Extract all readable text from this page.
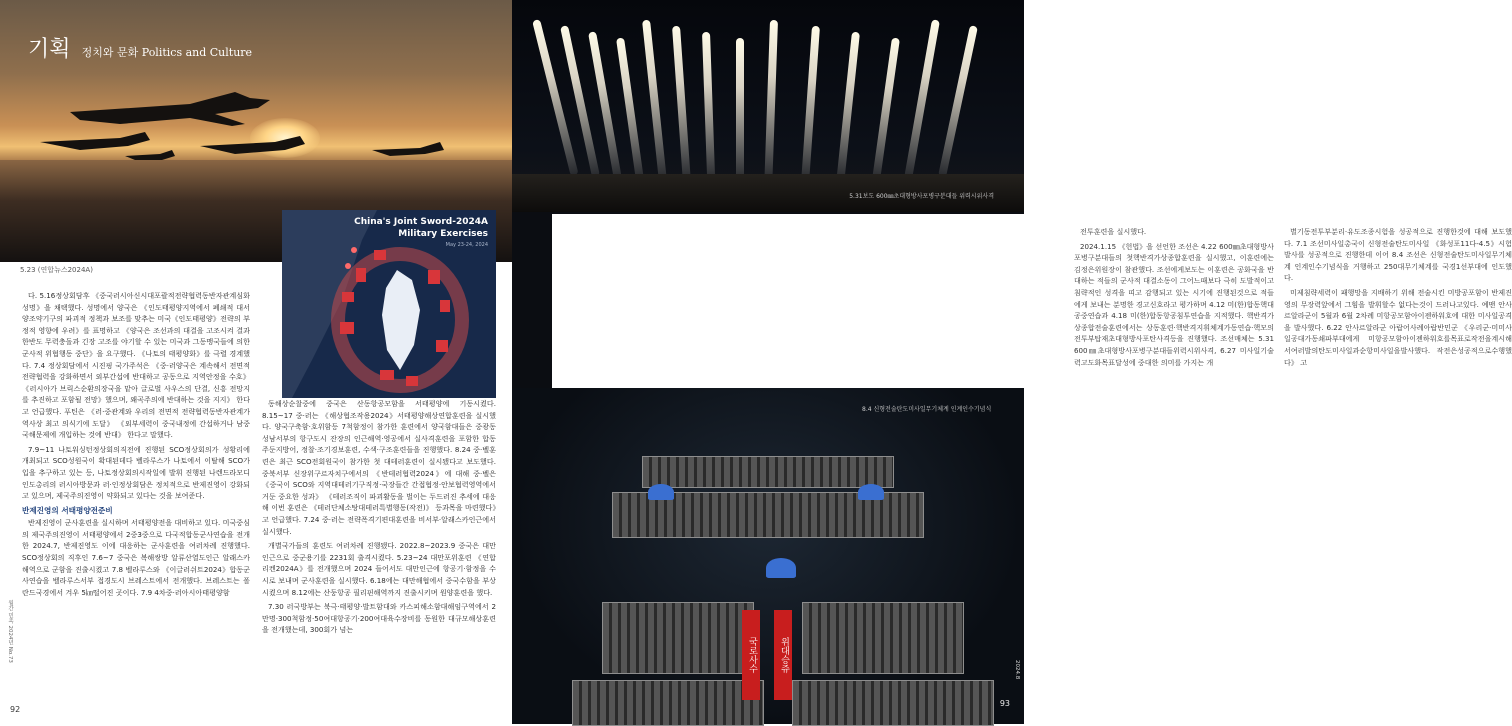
기획 정치와 문화 Politics and Culture
5.23 (연합뉴스2024A)
China's Joint Sword-2024A
Military Exercises
May 23-24, 2024

다. 5.16정상회담후 《중국러시아신시대포괄적전략협력동반자관계심화성명》을 채택했다. 성명에서 양국은 《인도태평양지역에서 폐쇄적 대서양조약기구의 파괴적 정책과 보조를 맞추는 미국《인도태평양》전략의 부정적 영향에 우려》를 표명하고 《양국은 조선과의 대결을 고조시켜 결과 한반도 무력충돌과 긴장 고조를 야기할 수 있는 미국과 그동맹국들에 의한 군사적 위협행동 중단》을 요구했다. 《나토의 태평양화》를 극렬 경계했다. 7.4 정상회담에서 시진핑 국가주석은 《중·러양국은 계속해서 전면적 전략협력을 강화하면서 외부간섭에 반대하고 공동으로 지역안정을 수호》 《러시아가 브릭스순환의장국을 맡아 글로벌 사우스의 단결, 신흥 전망지를 추진하고 포함될 전망》했으며, 왜곡주의에 반대하는 것을 지지》 한다고 언급했다. 푸틴은 《러·중관계와 우리의 전면적 전략협력동반자관계가 역사상 최고 의식기에 도달》 《외부세력이 중국내정에 간섭하거나 남중국해문제에 개입하는 것에 반대》 한다고 말했다.

7.9~11 나토워싱턴정상회의직전에 진행된 SCO정상회의가 성황리에 개최되고 SCO성원국이 확대된데다 벨라루스가 나토에서 이탈해 SCO가입을 추구하고 있는 등, 나토정상회의시작일에 발휘 진행된 나렌드라모디인도총리의 러시아방문과 러·인정상회담은 정치적으로 반제진영이 강화되고 있으며, 제국주의진영이 약화되고 있다는 것을 보여준다.

반제진영의 서태평양전준비

반제진영이 군사훈련을 실시하며 서태평양전을 대비하고 있다. 미국중심의 제국주의진영이 서태평양에서 2중3중으로 다국적합동군사연습을 전개한 2024.7, 반제진영도 이에 대응하는 군사훈련을 여러차례 진행했다. SCO정상회의 직후인 7.6~7 중국은 복해쌍방 알류산열도인근 알래스카해역으로 군함을 진출시켰고 7.8 벨라루스와 《이글러쉬트2024》합동군사연습을 벨라루스서부 접경도시 브레스트에서 전개했다. 브레스트는 폴란드국경에서 겨우 5㎞떨어진 곳이다. 7.9 4차중·러아시아태평양함

동해상순찰중에 중국은 산동항공모함을 서태평양에 기동시켰다. 8.15~17 중·러는 《해상협조작용2024》서태평양해상연합훈련을 실시했다. 양국구축함·호위함등 7척함정이 참가한 훈련에서 양국함대들은 중광동성남서부의 항구도시 잔장의 인근해역·영공에서 실사격훈련을 포함한 합동주둔지방어, 정찰·조기경보훈련, 수색·구조훈련들을 진행했다. 8.24 중·벨훈련은 최근 SCO전회원국이 참가한 첫 대테러훈련이 실시됐다고 보도했다. 중북서부 신장위구르자치구에서의 《반테러협력2024》에 대해 중·벨은 《중국이 SCO와 지역대테러기구직정·국장들간 간접협정·안보협력영역에서 거둔 중요한 성과》 《테러조직이 파괴활동을 벌이는 두드러진 추세에 대응해 이번 훈련은 《테러단체소탕대테러특별행동(작전)》 등과목을 마련했다》고 언급했다. 7.24 중·러는 전략폭격기편대훈련을 비서부·알래스카인근에서 실시했다.

개별국가들의 훈련도 여러차례 진행됐다. 2022.8~2023.9 중국은 대만인근으로 중군용기를 2231회 출격시켰다. 5.23~24 대만포위훈련 《연합리켄2024A》를 전개했으며 2024 들어서도 대만인근에 항공기·함정을 수시로 보내며 군사훈련을 실시했다. 6.18에는 대만해협에서 중국수함을 부상시켰으며 8.12에는 산둥항공 필리핀해역까지 진출시키며 원양훈련을 했다.

7.30 러국방부는 북극·태평양·발트함대와 카스피해소함대해임구역에서 2만명·300척함정·50여대항공기·200여대육수장비를 동원한 대규모해상훈련을 전개했는데, 300회가 넘는

월간 민족 2024년 No.73
92
5.31보도 600㎜초대형방사포병구분대들 위력시위사격

전투훈련을 실시했다.

2024.1.15 《헌법》을 선언한 조선은 4.22 600㎜초대형방사포병구분대들의 첫핵반격가상종합훈련을 실시했고, 이훈련에는 김정은위원장이 참관했다. 조선에게보도는 이훈련은 공화국을 반대하는 적들의 군사적 대결소동이 그어느때보다 극히 도발적이고 침략적인 성격을 띠고 감행되고 있는 시기에 진행된것으로 적들에게 보내는 분명한 경고신호라고 평가하며 4.12 미(한)합동핵대공중연습과 4.18 미(한)합동항공침투연습을 지적했다. 핵반격가상종합전술훈련에서는 상동훈련·핵반격지휘체계가동연습·핵모의전투부탑재초대형방사포탄사격등을 진행했다. 조선매체는 5.31 600㎜초대형방사포병구분대들위력시위사격, 6.27 미사일기술력고도화목표달성에 중대한 의미를 가지는 개

별기동전투부분리·유도조종시험을 성공적으로 진행한것에 대해 보도했다. 7.1 조선미사일총국이 신형전술탄도미사일 《화성포11다-4.5》시험발사를 성공적으로 진행한데 이어 8.4 조선은 신형전술탄도미사일무기체계 인계인수기념식을 거행하고 250대무기체계를 국경1선부대에 인도했다.

미제침략세력이 패행망을 지배하기 위해 전술시킨 미방공포함이 반제진영의 무장력앞에서 그힘을 발휘할수 없다는것이 드러나고있다. 예맨 안사르알라군이 5월과 6월 2차례 미항공모함아이젠하워호에 대한 미사일공격을 발사했다. 6.22 안사르알라군 아랍어사례아랍반민군 《우리군·미미사일공대가동쇄파부대에게 미항공모함아이젠하워호를목표로작전을계시해서여러발의탄도미사일과순항미사일을발사했다. 작전은성공적으로수행했다》 고

8.4 신형전술탄도미사일무기체계 인계인수기념식
국로사수	위대승쥬	2024.8
93
